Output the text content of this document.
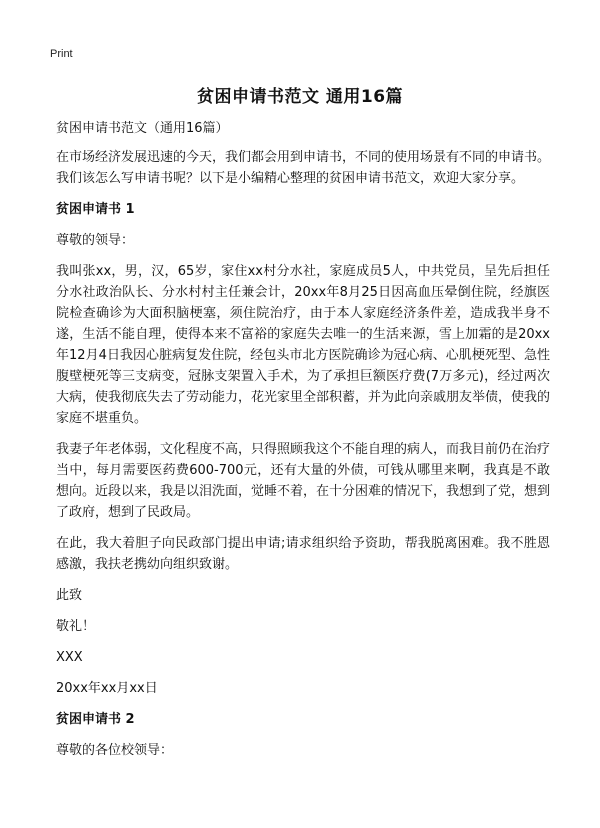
Print
贫困申请书范文 通用16篇

贫困申请书范文（通用16篇）

在市场经济发展迅速的今天，我们都会用到申请书，不同的使用场景有不同的申请书。我们该怎么写申请书呢？以下是小编精心整理的贫困申请书范文，欢迎大家分享。

贫困申请书 1

尊敬的领导：

我叫张xx，男，汉，65岁，家住xx村分水社，家庭成员5人，中共党员，呈先后担任分水社政治队长、分水村村主任兼会计，20xx年8月25日因高血压晕倒住院，经旗医院检查确诊为大面积脑梗塞，须住院治疗，由于本人家庭经济条件差，造成我半身不遂，生活不能自理，使得本来不富裕的家庭失去唯一的生活来源，雪上加霜的是20xx年12月4日我因心脏病复发住院，经包头市北方医院确诊为冠心病、心肌梗死型、急性腹壁梗死等三支病变，冠脉支架置入手术，为了承担巨额医疗费(7万多元)，经过两次大病，使我彻底失去了劳动能力，花光家里全部积蓄，并为此向亲戚朋友举债，使我的家庭不堪重负。

我妻子年老体弱，文化程度不高，只得照顾我这个不能自理的病人，而我目前仍在治疗当中，每月需要医药费600-700元，还有大量的外债，可钱从哪里来啊，我真是不敢想向。近段以来，我是以泪洗面，觉睡不着，在十分困难的情况下，我想到了党，想到了政府，想到了民政局。

在此，我大着胆子向民政部门提出申请;请求组织给予资助，帮我脱离困难。我不胜恩感激，我扶老携幼向组织致谢。

此致

敬礼！

XXX

20xx年xx月xx日

贫困申请书 2

尊敬的各位校领导：
